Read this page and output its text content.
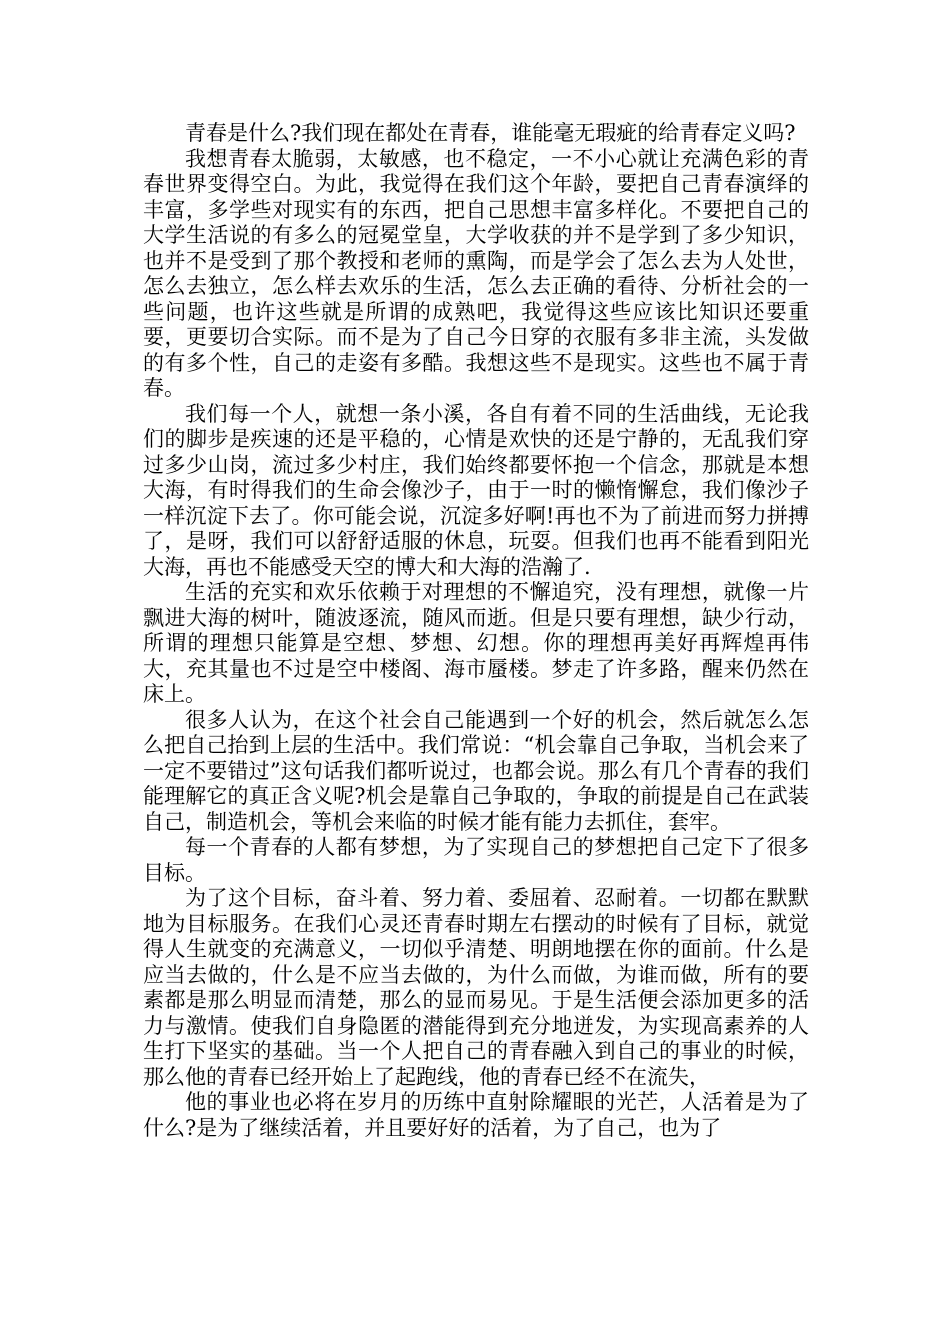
青春是什么?我们现在都处在青春，谁能毫无瑕疵的给青春定义吗?

我想青春太脆弱，太敏感，也不稳定，一不小心就让充满色彩的青春世界变得空白。为此，我觉得在我们这个年龄，要把自己青春演绎的丰富，多学些对现实有的东西，把自己思想丰富多样化。不要把自己的大学生活说的有多么的冠冕堂皇，大学收获的并不是学到了多少知识，也并不是受到了那个教授和老师的熏陶，而是学会了怎么去为人处世，怎么去独立，怎么样去欢乐的生活，怎么去正确的看待、分析社会的一些问题，也许这些就是所谓的成熟吧，我觉得这些应该比知识还要重要，更要切合实际。而不是为了自己今日穿的衣服有多非主流，头发做的有多个性，自己的走姿有多酷。我想这些不是现实。这些也不属于青春。

我们每一个人，就想一条小溪，各自有着不同的生活曲线，无论我们的脚步是疾速的还是平稳的，心情是欢快的还是宁静的，无乱我们穿过多少山岗，流过多少村庄，我们始终都要怀抱一个信念，那就是本想大海，有时得我们的生命会像沙子，由于一时的懒惰懈怠，我们像沙子一样沉淀下去了。你可能会说，沉淀多好啊!再也不为了前进而努力拼搏了，是呀，我们可以舒舒适服的休息，玩耍。但我们也再不能看到阳光大海，再也不能感受天空的博大和大海的浩瀚了.

生活的充实和欢乐依赖于对理想的不懈追究，没有理想，就像一片飘进大海的树叶，随波逐流，随风而逝。但是只要有理想，缺少行动，所谓的理想只能算是空想、梦想、幻想。你的理想再美好再辉煌再伟大，充其量也不过是空中楼阁、海市蜃楼。梦走了许多路，醒来仍然在床上。

很多人认为，在这个社会自己能遇到一个好的机会，然后就怎么怎么把自己抬到上层的生活中。我们常说：“机会靠自己争取，当机会来了一定不要错过”这句话我们都听说过，也都会说。那么有几个青春的我们能理解它的真正含义呢?机会是靠自己争取的，争取的前提是自己在武装自己，制造机会，等机会来临的时候才能有能力去抓住，套牢。

每一个青春的人都有梦想，为了实现自己的梦想把自己定下了很多目标。

为了这个目标，奋斗着、努力着、委屈着、忍耐着。一切都在默默地为目标服务。在我们心灵还青春时期左右摆动的时候有了目标，就觉得人生就变的充满意义，一切似乎清楚、明朗地摆在你的面前。什么是应当去做的，什么是不应当去做的，为什么而做，为谁而做，所有的要素都是那么明显而清楚，那么的显而易见。于是生活便会添加更多的活力与激情。使我们自身隐匿的潜能得到充分地迸发，为实现高素养的人生打下坚实的基础。当一个人把自己的青春融入到自己的事业的时候，那么他的青春已经开始上了起跑线，他的青春已经不在流失，

他的事业也必将在岁月的历练中直射除耀眼的光芒，人活着是为了什么?是为了继续活着，并且要好好的活着，为了自己，也为了
